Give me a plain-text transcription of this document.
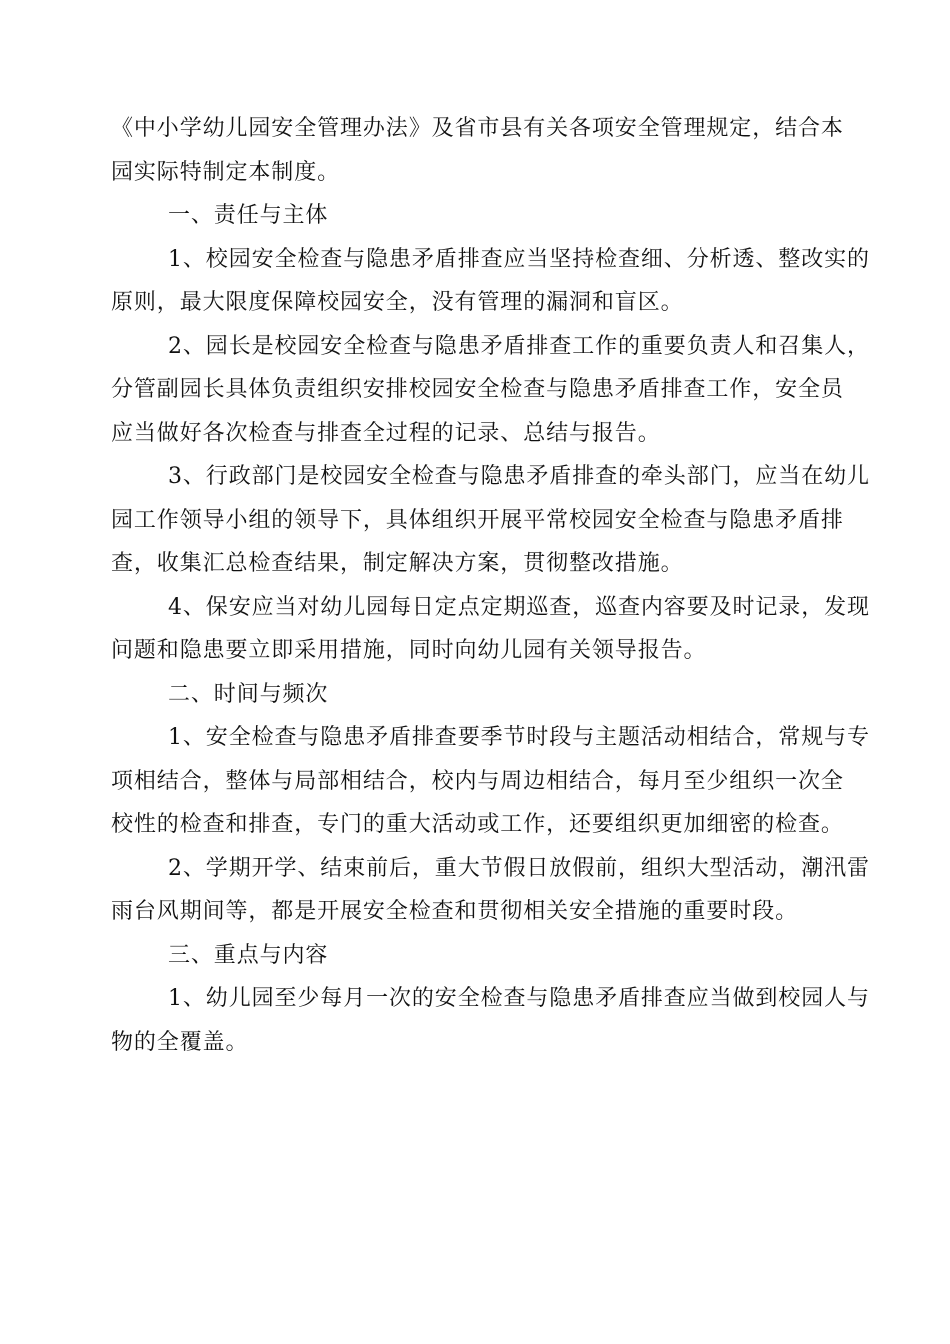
《中小学幼儿园安全管理办法》及省市县有关各项安全管理规定，结合本
园实际特制定本制度。
一、责任与主体
1、校园安全检查与隐患矛盾排查应当坚持检查细、分析透、整改实的
原则，最大限度保障校园安全，没有管理的漏洞和盲区。
2、园长是校园安全检查与隐患矛盾排查工作的重要负责人和召集人，
分管副园长具体负责组织安排校园安全检查与隐患矛盾排查工作，安全员
应当做好各次检查与排查全过程的记录、总结与报告。
3、行政部门是校园安全检查与隐患矛盾排查的牵头部门，应当在幼儿
园工作领导小组的领导下，具体组织开展平常校园安全检查与隐患矛盾排
查，收集汇总检查结果，制定解决方案，贯彻整改措施。
4、保安应当对幼儿园每日定点定期巡查，巡查内容要及时记录，发现
问题和隐患要立即采用措施，同时向幼儿园有关领导报告。
二、时间与频次
1、安全检查与隐患矛盾排查要季节时段与主题活动相结合，常规与专
项相结合，整体与局部相结合，校内与周边相结合，每月至少组织一次全
校性的检查和排查，专门的重大活动或工作，还要组织更加细密的检查。
2、学期开学、结束前后，重大节假日放假前，组织大型活动，潮汛雷
雨台风期间等，都是开展安全检查和贯彻相关安全措施的重要时段。
三、重点与内容
1、幼儿园至少每月一次的安全检查与隐患矛盾排查应当做到校园人与
物的全覆盖。
